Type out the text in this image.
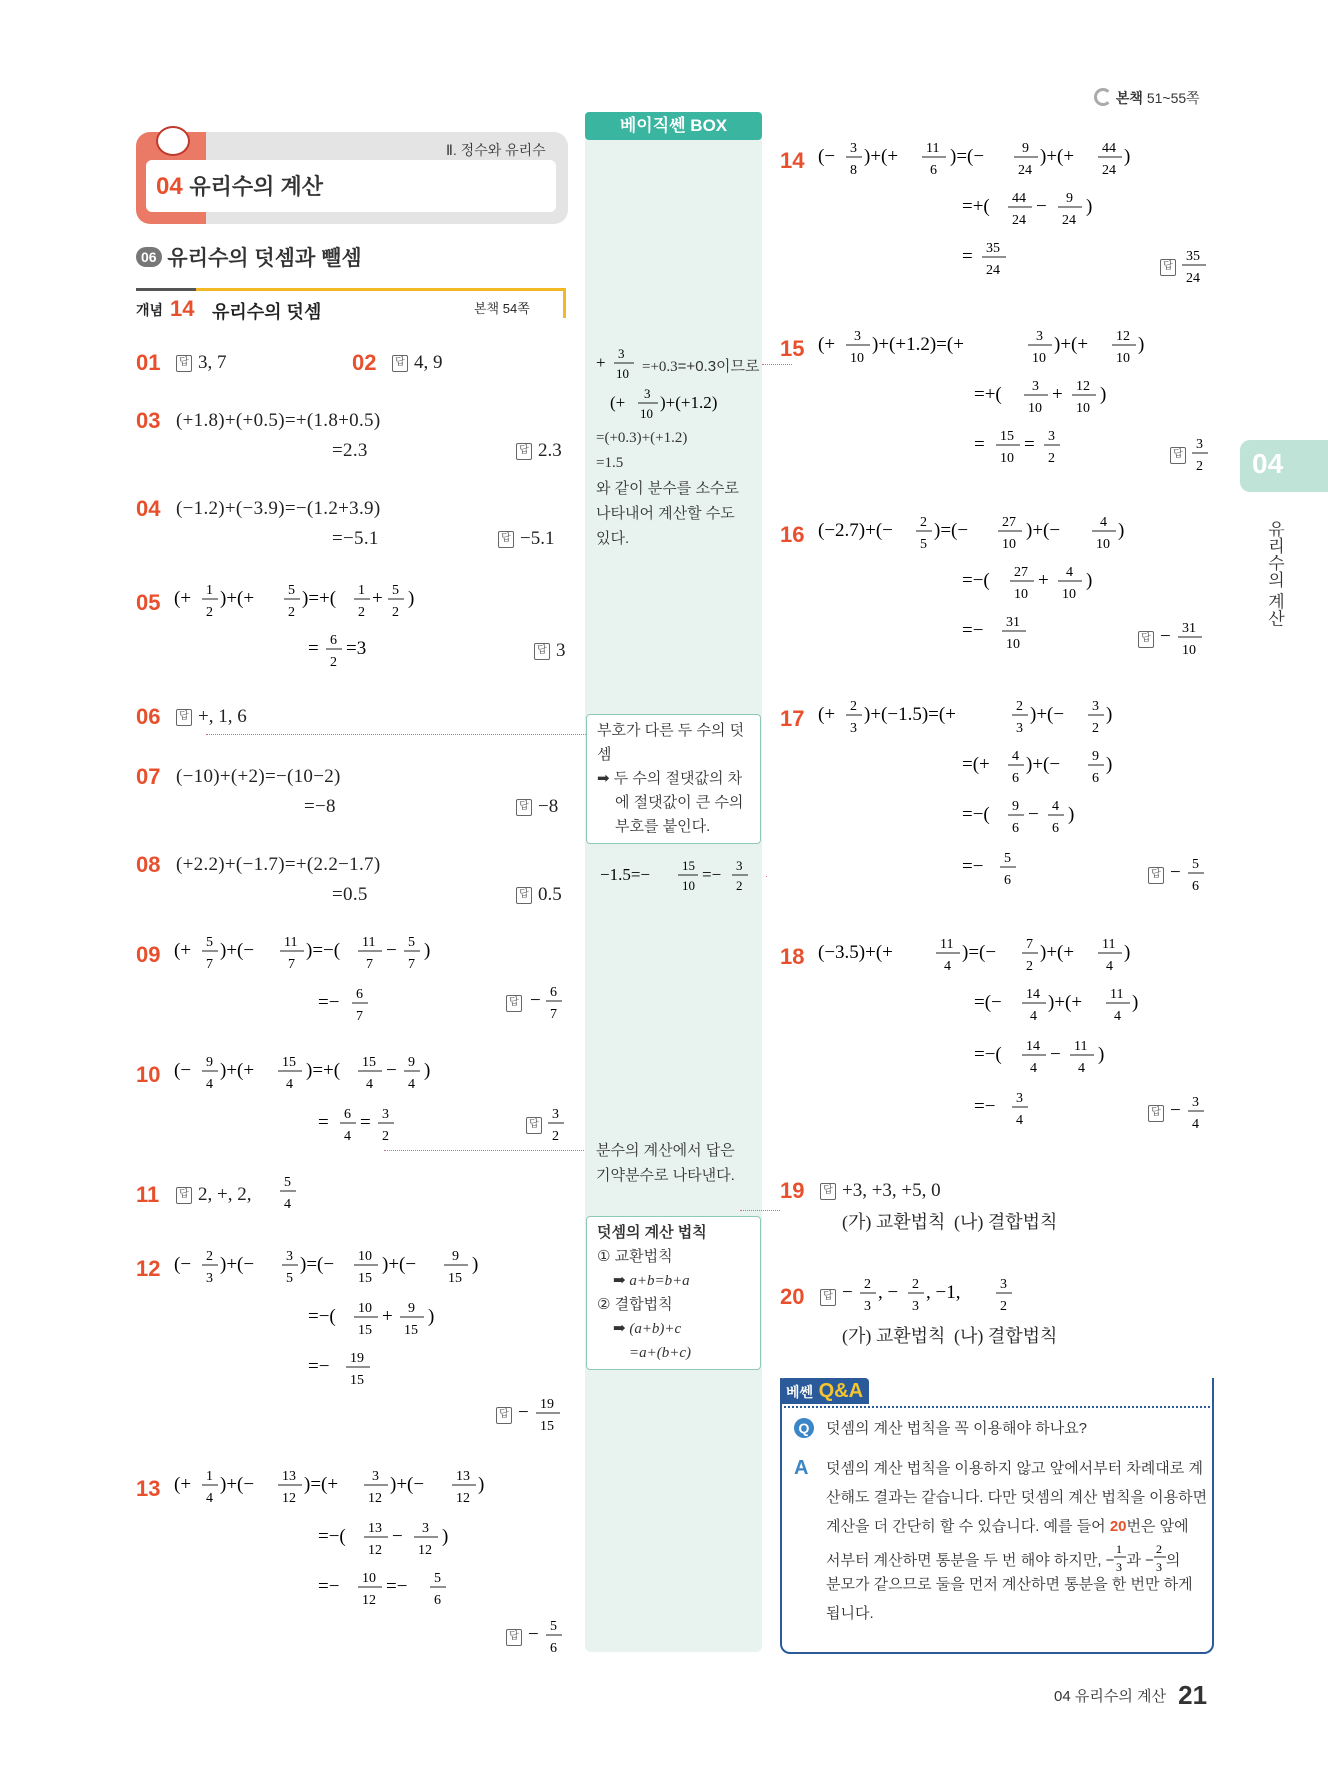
본책 51~55쪽
Ⅱ. 정수와 유리수
04 유리수의 계산
06 유리수의 덧셈과 뺄셈
개념 14 유리수의 덧셈	본책 54쪽
베이직쎈 BOX
01	답 3, 7	02	답 4, 9
03 (+1.8)+(+0.5)=+(1.8+0.5)
=2.3	답 2.3
04 (−1.2)+(−3.9)=−(1.2+3.9)
=−5.1	답 −5.1
05 (+ 1
2
)+(+ 5
2
)=+( 1
2
+ 5
2
)
= 6
2
=3	답 3
06	답 +, 1, 6
07 (−10)+(+2)=−(10−2)
=−8	답 −8
08 (+2.2)+(−1.7)=+(2.2−1.7)
=0.5	답 0.5
09 (+ 5
7
)+(− 11
7
)=−( 11
7
− 5
7
)
=− 6
7
답 − 6
7
10 (− 9
4
)+(+ 15
4
)=+( 15
4
− 9
4
)
= 6
4
= 3
2
답
3
2
11	답 2, +, 2,
5
4
12 (− 2
3
)+(− 3
5
)=(− 10
15
)+(−	9
15
)
=−( 10
15
+ 9
15
)
=− 19
15
답 − 19
15
13 (+ 1
4
)+(− 13
12
)=(+ 3
12
)+(− 13
12
)
=−( 13
12
− 3
12
)
=− 10
12
=− 5
6
답 − 5
6
+ 3
10 =+0.3=+0.3이므로
(+ 3
10
)+(+1.2)
=(+0.3)+(+1.2)
=1.5
와 같이 분수를 소수로
나타내어 계산할 수도
있다.
부호가 다른 두 수의 덧셈
➡ 두 수의 절댓값의 차
에 절댓값이 큰 수의
부호를 붙인다.
−1.5=− 15
10
=− 3
2
분수의 계산에서 답은
기약분수로 나타낸다.
덧셈의 계산 법칙
① 교환법칙
➡ a+b=b+a
② 결합법칙
➡ (a+b)+c
=a+(b+c)
14 (− 3
8
)+(+ 11
6
)=(−	9
24
)+(+ 44
24
)
=+( 44
24
− 9
24
)
= 35
24	답
35
24
15 (+ 3
10
)+(+1.2)=(+	3
10
)+(+ 12
10
)
=+( 3
10
+ 12
10
)
= 15
10
= 3
2	답
3
2
16 (−2.7)+(− 2
5
)=(− 27
10
)+(−	4
10
)
=−( 27
10
+ 4
10
)
=− 31
10	답 − 31
10
17 (+ 2
3
)+(−1.5)=(+	2
3
)+(− 3
2
)
=(+ 4
6
)+(− 9
6
)
=−( 9
6
− 4
6
)
=− 5
6	답 − 5
6
18 (−3.5)+(+	11
4
)=(− 7
2
)+(+ 11
4
)
=(− 14
4
)+(+ 11
4
)
=−( 14
4
− 11
4
)
=− 3
4
답 − 3
4
19	답 +3, +3, +5, 0
(가) 교환법칙 (나) 결합법칙
20	답 − 2
3
, − 2
3
, −1,	3
2
(가) 교환법칙 (나) 결합법칙
베쎈 Q&A
Q	덧셈의 계산 법칙을 꼭 이용해야 하나요?
A	덧셈의 계산 법칙을 이용하지 않고 앞에서부터 차례대로 계
산해도 결과는 같습니다. 다만 덧셈의 계산 법칙을 이용하면
계산을 더 간단히 할 수 있습니다. 예를 들어 20번은 앞에
서부터 계산하면 통분을 두 번 해야 하지만, −
1
3 과 −
2
3 의
분모가 같으므로 둘을 먼저 계산하면 통분을 한 번만 하게
됩니다.
04
유리수의 계산
04 유리수의 계산 21
